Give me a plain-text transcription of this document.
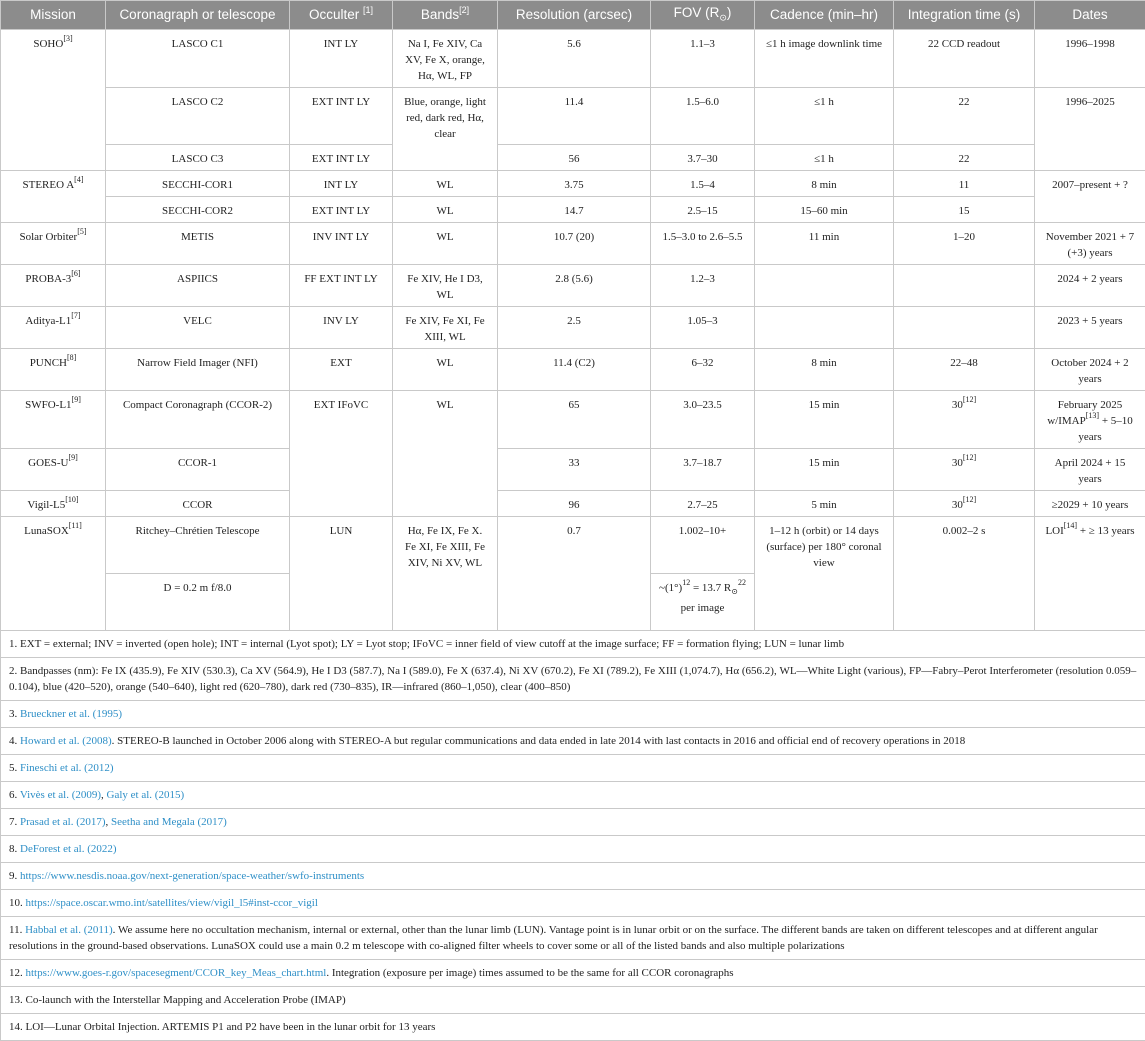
Mission	Coronagraph or telescope	Occulter [1]	Bands[2]	Resolution (arcsec)	FOV $(R_⊙)$	Cadence (min–hr)	Integration time (s)	Dates
SOHO[3]	LASCO C1	INT LY	Na I, Fe XIV, Ca XV, Fe X, orange, Hα, WL, FP	5.6	1.1–3	≤1 h image downlink time	22 CCD readout	1996–1998
	LASCO C2	EXT INT LY	Blue, orange, light red, dark red, Hα, clear	11.4	1.5–6.0	≤1 h	22	1996–2025
	LASCO C3	EXT INT LY		56	3.7–30	≤1 h	22	
STEREO A[4]	SECCHI-COR1	INT LY	WL	3.75	1.5–4	8 min	11	2007–present + ?
	SECCHI-COR2	EXT INT LY	WL	14.7	2.5–15	15–60 min	15	
Solar Orbiter[5]	METIS	INV INT LY	WL	10.7 (20)	1.5–3.0 to 2.6–5.5	11 min	1–20	November 2021 + 7 (+3) years
PROBA-3[6]	ASPIICS	FF EXT INT LY	Fe XIV, He I D3, WL	2.8 (5.6)	1.2–3			2024 + 2 years
Aditya-L1[7]	VELC	INV LY	Fe XIV, Fe XI, Fe XIII, WL	2.5	1.05–3			2023 + 5 years
PUNCH[8]	Narrow Field Imager (NFI)	EXT	WL	11.4 (C2)	6–32	8 min	22–48	October 2024 + 2 years
SWFO-L1[9]	Compact Coronagraph (CCOR-2)	EXT IFoVC	WL	65	3.0–23.5	15 min	30[12]	February 2025 w/IMAP[13] + 5–10 years
GOES-U[9]	CCOR-1			33	3.7–18.7	15 min	30[12]	April 2024 + 15 years
Vigil-L5[10]	CCOR			96	2.7–25	5 min	30[12]	≥2029 + 10 years
LunaSOX[11]	Ritchey–Chrétien Telescope	LUN	Hα, Fe IX, Fe X. Fe XI, Fe XIII, Fe XIV, Ni XV, WL	0.7	1.002–10+	1–12 h (orbit) or 14 days (surface) per 180° coronal view	0.002–2 s	LOI[14] + ≥ 13 years
	D = 0.2 m f/8.0				$\sim(1^\circ)^{12} = 13.7$ $R_⊙^{22}$ per image			
1. EXT = external; INV = inverted (open hole); INT = internal (Lyot spot); LY = Lyot stop; IFoVC = inner field of view cutoff at the image surface; FF = formation flying; LUN = lunar limb								
2. Bandpasses (nm): Fe IX (435.9), Fe XIV (530.3), Ca XV (564.9), He I D3 (587.7), Na I (589.0), Fe X (637.4), Ni XV (670.2), Fe XI (789.2), Fe XIII (1,074.7), Hα (656.2), WL—White Light (various), FP—Fabry–Perot Interferometer (resolution 0.059–0.104), blue (420–520), orange (540–640), light red (620–780), dark red (730–835), IR—infrared (860–1,050), clear (400–850)								
3. Brueckner et al. (1995)								
4. Howard et al. (2008). STEREO-B launched in October 2006 along with STEREO-A but regular communications and data ended in late 2014 with last contacts in 2016 and official end of recovery operations in 2018								
5. Fineschi et al. (2012)								
6. Vivès et al. (2009), Galy et al. (2015)								
7. Prasad et al. (2017), Seetha and Megala (2017)								
8. DeForest et al. (2022)								
9. https://www.nesdis.noaa.gov/next-generation/space-weather/swfo-instruments								
10. https://space.oscar.wmo.int/satellites/view/vigil_l5#inst-ccor_vigil								
11. Habbal et al. (2011). We assume here no occultation mechanism, internal or external, other than the lunar limb (LUN). Vantage point is in lunar orbit or on the surface. The different bands are taken on different telescopes and at different angular resolutions in the ground-based observations. LunaSOX could use a main 0.2 m telescope with co-aligned filter wheels to cover some or all of the listed bands and also multiple polarizations								
12. https://www.goes-r.gov/spacesegment/CCOR_key_Meas_chart.html. Integration (exposure per image) times assumed to be the same for all CCOR coronagraphs								
13. Co-launch with the Interstellar Mapping and Acceleration Probe (IMAP)								
14. LOI—Lunar Orbital Injection. ARTEMIS P1 and P2 have been in the lunar orbit for 13 years								
